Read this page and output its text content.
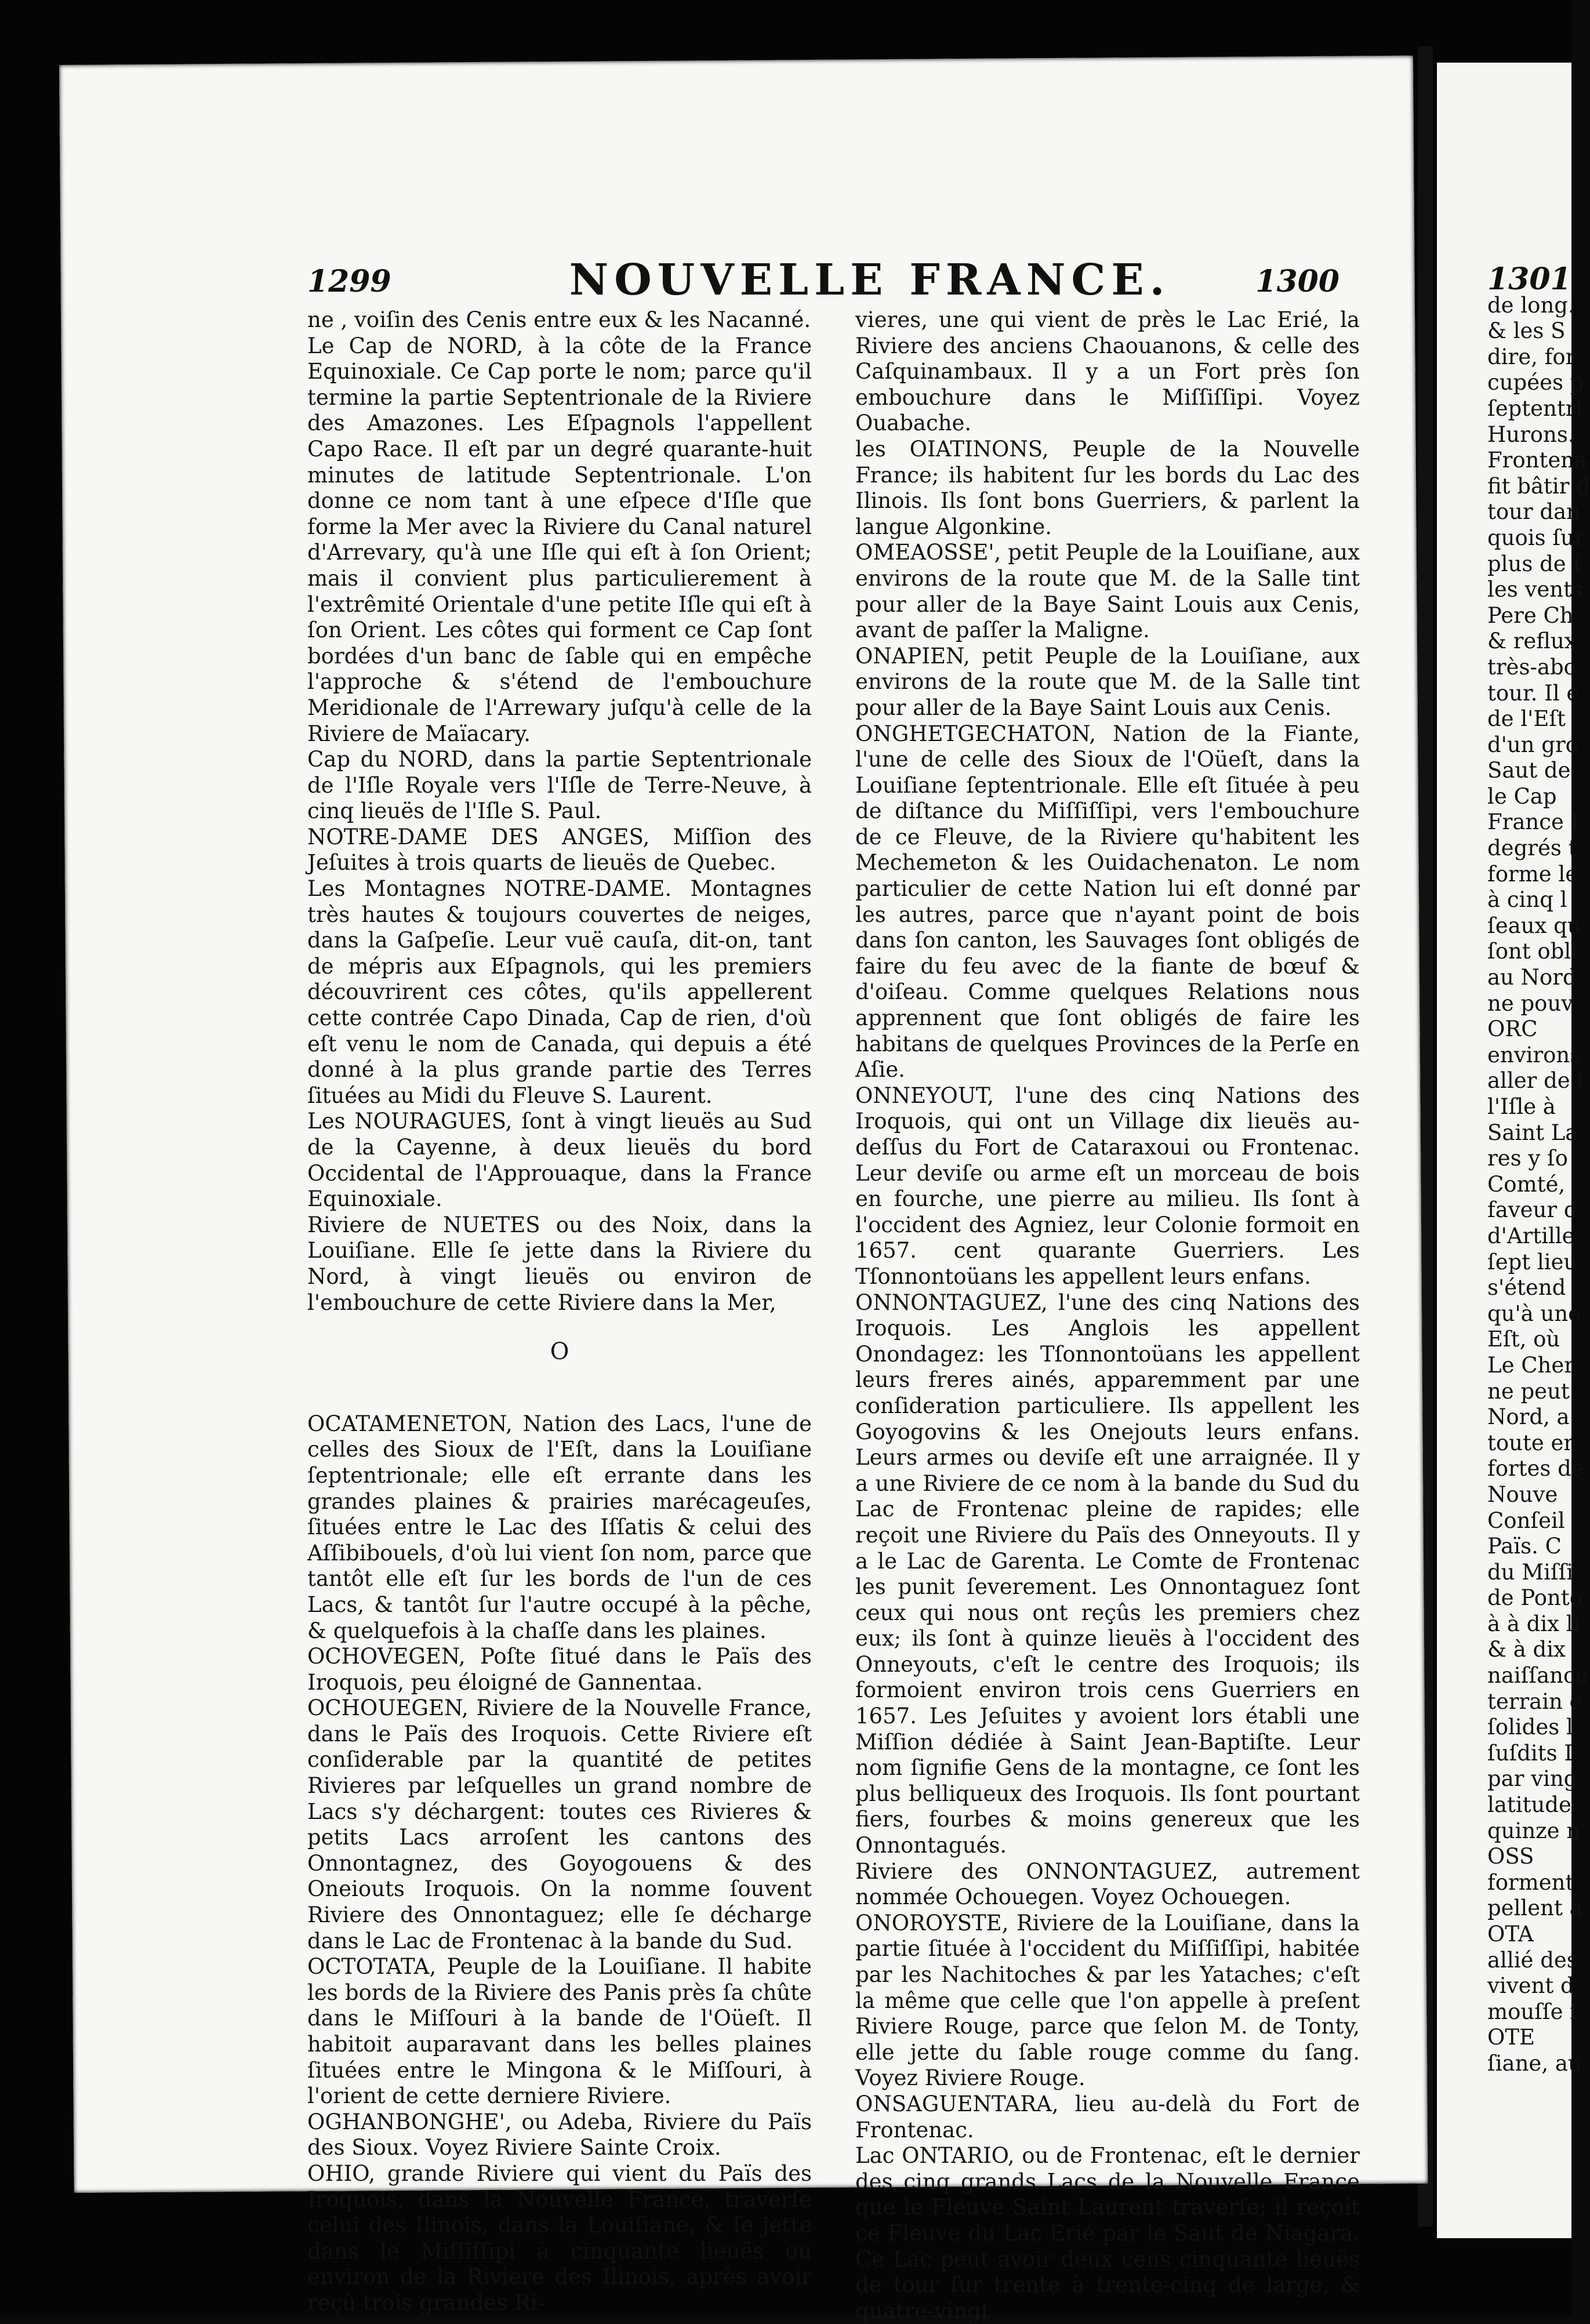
1299	NOUVELLE FRANCE.	1300

ne , voiſin des Cenis entre eux & les Nacanné.

Le Cap de NORD, à la côte de la France Equinoxiale. Ce Cap porte le nom; parce qu'il termine la partie Septentrionale de la Riviere des Amazones. Les Eſpagnols l'appellent Capo Race. Il eſt par un degré quarante-huit minutes de latitude Septentrionale. L'on donne ce nom tant à une eſpece d'Iſle que forme la Mer avec la Riviere du Canal naturel d'Arrevary, qu'à une Iſle qui eſt à ſon Orient; mais il convient plus particulierement à l'extrêmité Orientale d'une petite Iſle qui eſt à ſon Orient. Les côtes qui forment ce Cap ſont bordées d'un banc de ſable qui en empêche l'approche & s'étend de l'embouchure Meridionale de l'Arrewary juſqu'à celle de la Riviere de Maïacary.

Cap du NORD, dans la partie Septentrionale de l'Iſle Royale vers l'Iſle de Terre-Neuve, à cinq lieuës de l'Iſle S. Paul.

NOTRE-DAME DES ANGES, Miſſion des Jeſuites à trois quarts de lieuës de Quebec.

Les Montagnes NOTRE-DAME. Montagnes très hautes & toujours couvertes de neiges, dans la Gaſpeſie. Leur vuë cauſa, dit-on, tant de mépris aux Eſpagnols, qui les premiers découvrirent ces côtes, qu'ils appellerent cette contrée Capo Dinada, Cap de rien, d'où eſt venu le nom de Canada, qui depuis a été donné à la plus grande partie des Terres ſituées au Midi du Fleuve S. Laurent.

Les NOURAGUES, ſont à vingt lieuës au Sud de la Cayenne, à deux lieuës du bord Occidental de l'Approuaque, dans la France Equinoxiale.

Riviere de NUETES ou des Noix, dans la Louiſiane. Elle ſe jette dans la Riviere du Nord, à vingt lieuës ou environ de l'embouchure de cette Riviere dans la Mer,

O

OCATAMENETON, Nation des Lacs, l'une de celles des Sioux de l'Eſt, dans la Louiſiane ſeptentrionale; elle eſt errante dans les grandes plaines & prairies marécageuſes, ſituées entre le Lac des Iſſatis & celui des Aſſibibouels, d'où lui vient ſon nom, parce que tantôt elle eſt ſur les bords de l'un de ces Lacs, & tantôt ſur l'autre occupé à la pêche, & quelquefois à la chaſſe dans les plaines.

OCHOVEGEN, Poſte ſitué dans le Païs des Iroquois, peu éloigné de Gannentaa.

OCHOUEGEN, Riviere de la Nouvelle France, dans le Païs des Iroquois. Cette Riviere eſt conſiderable par la quantité de petites Rivieres par leſquelles un grand nombre de Lacs s'y déchargent: toutes ces Rivieres & petits Lacs arroſent les cantons des Onnontagnez, des Goyogouens & des Oneiouts Iroquois. On la nomme ſouvent Riviere des Onnontaguez; elle ſe décharge dans le Lac de Frontenac à la bande du Sud.

OCTOTATA, Peuple de la Louiſiane. Il habite les bords de la Riviere des Panis près ſa chûte dans le Miſſouri à la bande de l'Oüeſt. Il habitoit auparavant dans les belles plaines ſituées entre le Mingona & le Miſſouri, à l'orient de cette derniere Riviere.

OGHANBONGHE', ou Adeba, Riviere du Païs des Sioux. Voyez Riviere Sainte Croix.

OHIO, grande Riviere qui vient du Païs des Iroquois, dans la Nouvelle France, traverſe celui des Ilinois, dans la Louiſiane, & ſe jette dans le Miſſiſſipi à cinquante lieuës ou environ de la Riviere des Ilinois, après avoir reçû trois grandes Ri-

vieres, une qui vient de près le Lac Erié, la Riviere des anciens Chaouanons, & celle des Caſquinambaux. Il y a un Fort près ſon embouchure dans le Miſſiſſipi. Voyez Ouabache.

les OIATINONS, Peuple de la Nouvelle France; ils habitent ſur les bords du Lac des Ilinois. Ils ſont bons Guerriers, & parlent la langue Algonkine.

OMEAOSSE', petit Peuple de la Louiſiane, aux environs de la route que M. de la Salle tint pour aller de la Baye Saint Louis aux Cenis, avant de paſſer la Maligne.

ONAPIEN, petit Peuple de la Louiſiane, aux environs de la route que M. de la Salle tint pour aller de la Baye Saint Louis aux Cenis.

ONGHETGECHATON, Nation de la Fiante, l'une de celle des Sioux de l'Oüeſt, dans la Louiſiane ſeptentrionale. Elle eſt ſituée à peu de diſtance du Miſſiſſipi, vers l'embouchure de ce Fleuve, de la Riviere qu'habitent les Mechemeton & les Ouidachenaton. Le nom particulier de cette Nation lui eſt donné par les autres, parce que n'ayant point de bois dans ſon canton, les Sauvages ſont obligés de faire du feu avec de la fiante de bœuf & d'oiſeau. Comme quelques Relations nous apprennent que ſont obligés de faire les habitans de quelques Provinces de la Perſe en Aſie.

ONNEYOUT, l'une des cinq Nations des Iroquois, qui ont un Village dix lieuës au-deſſus du Fort de Cataraxoui ou Frontenac. Leur deviſe ou arme eſt un morceau de bois en fourche, une pierre au milieu. Ils ſont à l'occident des Agniez, leur Colonie formoit en 1657. cent quarante Guerriers. Les Tſonnontoüans les appellent leurs enfans.

ONNONTAGUEZ, l'une des cinq Nations des Iroquois. Les Anglois les appellent Onondagez: les Tſonnontoüans les appellent leurs freres ainés, apparemment par une conſideration particuliere. Ils appellent les Goyogovins & les Onejouts leurs enfans. Leurs armes ou deviſe eſt une arraignée. Il y a une Riviere de ce nom à la bande du Sud du Lac de Frontenac pleine de rapides; elle reçoit une Riviere du Païs des Onneyouts. Il y a le Lac de Garenta. Le Comte de Frontenac les punit ſeverement. Les Onnontaguez ſont ceux qui nous ont reçûs les premiers chez eux; ils ſont à quinze lieuës à l'occident des Onneyouts, c'eſt le centre des Iroquois; ils formoient environ trois cens Guerriers en 1657. Les Jeſuites y avoient lors établi une Miſſion dédiée à Saint Jean-Baptiſte. Leur nom ſignifie Gens de la montagne, ce ſont les plus belliqueux des Iroquois. Ils ſont pourtant fiers, fourbes & moins genereux que les Onnontagués.

Riviere des ONNONTAGUEZ, autrement nommée Ochouegen. Voyez Ochouegen.

ONOROYSTE, Riviere de la Louiſiane, dans la partie ſituée à l'occident du Miſſiſſipi, habitée par les Nachitoches & par les Yataches; c'eſt la même que celle que l'on appelle à preſent Riviere Rouge, parce que ſelon M. de Tonty, elle jette du ſable rouge comme du ſang. Voyez Riviere Rouge.

ONSAGUENTARA, lieu au-delà du Fort de Frontenac.

Lac ONTARIO, ou de Frontenac, eſt le dernier des cinq grands Lacs de la Nouvelle France que le Fleuve Saint Laurent traverſe; il reçoit ce Fleuve du Lac Erié par le Saut de Niagara. Ce Lac peut avoir deux cens cinquante lieuës de tour ſur trente à trente-cinq de large, & quatre-vingt

1301
de long.
& les S
dire, for
cupées p
ſeptentri
Hurons.
Frontena
fit bâtir d
tour dan
quois ſur
plus de ſ
les vents
Pere Ch
& reflux
très-abo
tour. Il e
de l'Eſt
d'un gro
Saut de
le Cap
France I
degrés t
forme le
à cinq l
ſeaux qu
ſont obli
au Nord
ne pouv
ORC
environs
aller de l
l'Iſle à
Saint La
res y ſo
Comté,
faveur d
d'Artille
ſept lieu
s'étend
qu'à une
Eſt, où
Le Cher
ne peut
Nord, a
toute en
fortes de
Nouve
Conſeil
Païs. C
du Miſſi
de Ponto
à à dix li
& à dix
naiſſance
terrain e
ſolides l
ſuſdits L
par ving
latitude
quinze n
OSS
forment
pellent a
OTA
allié des
vivent d
mouſſe f
OTE
ſiane, au
